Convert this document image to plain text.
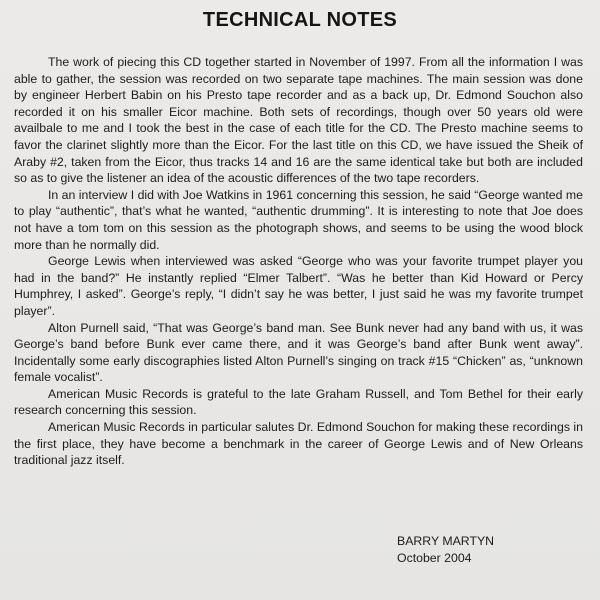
TECHNICAL NOTES

The work of piecing this CD together started in November of 1997. From all the information I was able to gather, the session was recorded on two separate tape machines. The main session was done by engineer Herbert Babin on his Presto tape recorder and as a back up, Dr. Edmond Souchon also recorded it on his smaller Eicor machine. Both sets of recordings, though over 50 years old were availbale to me and I took the best in the case of each title for the CD. The Presto machine seems to favor the clarinet slightly more than the Eicor. For the last title on this CD, we have issued the Sheik of Araby #2, taken from the Eicor, thus tracks 14 and 16 are the same identical take but both are included so as to give the listener an idea of the acoustic differences of the two tape recorders.

In an interview I did with Joe Watkins in 1961 concerning this session, he said “George wanted me to play “authentic”, that’s what he wanted, “authentic drumming”. It is interesting to note that Joe does not have a tom tom on this session as the photograph shows, and seems to be using the wood block more than he normally did.

George Lewis when interviewed was asked “George who was your favorite trumpet player you had in the band?” He instantly replied “Elmer Talbert”. “Was he better than Kid Howard or Percy Humphrey, I asked”. George’s reply, “I didn’t say he was better, I just said he was my favorite trumpet player”.

Alton Purnell said, “That was George’s band man. See Bunk never had any band with us, it was George’s band before Bunk ever came there, and it was George’s band after Bunk went away”. Incidentally some early discographies listed Alton Purnell’s singing on track #15 “Chicken” as, “unknown female vocalist”.

American Music Records is grateful to the late Graham Russell, and Tom Bethel for their early research concerning this session.

American Music Records in particular salutes Dr. Edmond Souchon for making these recordings in the first place, they have become a benchmark in the career of George Lewis and of New Orleans traditional jazz itself.

BARRY MARTYN
October 2004
